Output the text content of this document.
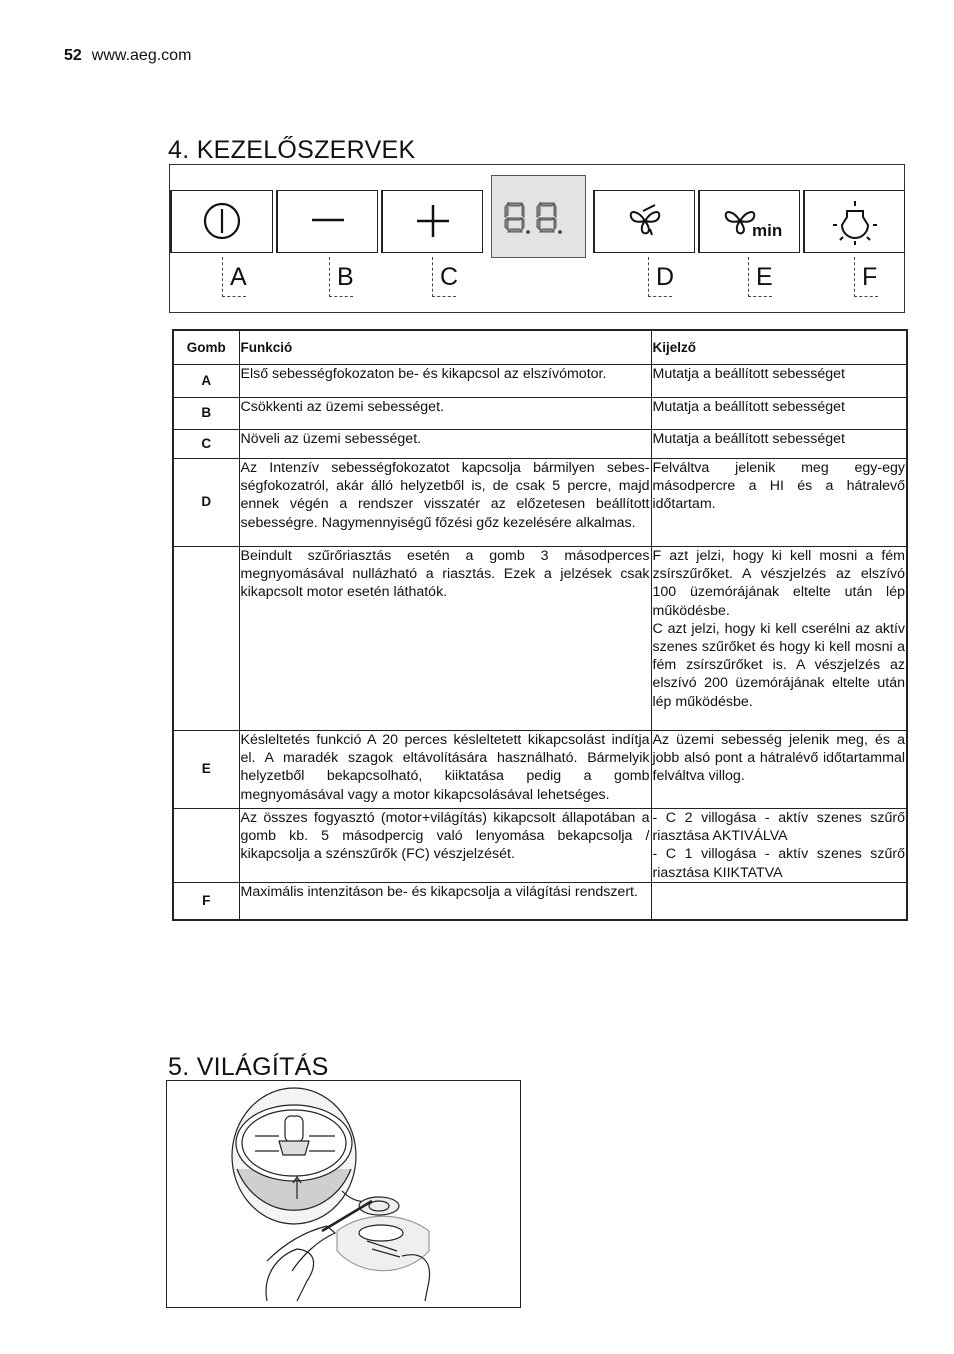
52 www.aeg.com
4. KEZELŐSZERVEK
min
A	B	C	D	E	F
Gomb	Funkció	Kijelző
A	Első sebességfokozaton be- és kikapcsol az elszívómotor.	Mutatja a beállított sebességet
B	Csökkenti az üzemi sebességet.	Mutatja a beállított sebességet
C	Növeli az üzemi sebességet.	Mutatja a beállított sebességet
D	Az Intenzív sebességfokozatot kapcsolja bármilyen sebes-ségfokozatról, akár álló helyzetből is, de csak 5 percre, majd ennek végén a rendszer visszatér az előzetesen beállított sebességre. Nagymennyiségű főzési gőz kezelésére alkalmas.	Felváltva jelenik meg egy-egy másodpercre a HI és a hátralevő időtartam.
	Beindult szűrőriasztás esetén a gomb 3 másodperces megnyomásával nullázható a riasztás. Ezek a jelzések csak kikapcsolt motor esetén láthatók.	F azt jelzi, hogy ki kell mosni a fém zsírszűrőket. A vészjelzés az elszívó 100 üzemórájának eltelte után lép működésbe.
C azt jelzi, hogy ki kell cserélni az aktív szenes szűrőket és hogy ki kell mosni a fém zsírszűrőket is. A vészjelzés az elszívó 200 üzemórájának eltelte után lép működésbe.
E	Késleltetés funkció A 20 perces késleltetett kikapcsolást indítja el. A maradék szagok eltávolítására használható. Bármelyik helyzetből bekapcsolható, kiiktatása pedig a gomb megnyomásával vagy a motor kikapcsolásával lehetséges.	Az üzemi sebesség jelenik meg, és a jobb alsó pont a hátralévő időtartammal felváltva villog.
	Az összes fogyasztó (motor+világítás) kikapcsolt állapotában a gomb kb. 5 másodpercig való lenyomása bekapcsolja / kikapcsolja a szénszűrők (FC) vészjelzését.	- C 2 villogása - aktív szenes szűrő riasztása AKTIVÁLVA
- C 1 villogása - aktív szenes szűrő riasztása KIIKTATVA
F	Maximális intenzitáson be- és kikapcsolja a világítási rendszert.	
5. VILÁGÍTÁS
